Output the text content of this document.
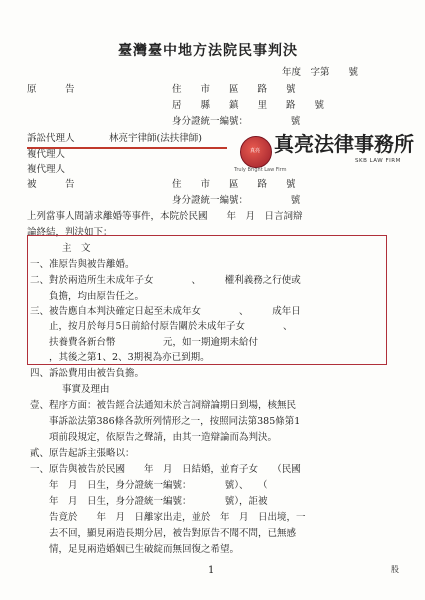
臺灣臺中地方法院民事判決
年度　字第　　號
原　　　告	住　　市　　區　　路　　號
居　　縣　　鎮　　里　　路　　號
身分證統一編號：　　　　　號
訴訟代理人	林亮宇律師(法扶律師)
複代理人
複代理人
被　　　告	住　　市　　區　　路　　號
身分證統一編號：　　　　　號
真亮
Truly Bright Law Firm
真亮法律事務所
SKB LAW FIRM
上列當事人間請求離婚等事件，本院於民國　　年　月　日言詞辯
論終結，判決如下：
主　文
一、准原告與被告離婚。
二、對於兩造所生未成年子女　　　　、　　　權利義務之行使或
　　負擔，均由原告任之。
三、被告應自本判決確定日起至未成年女　　　　、　　　成年日
　　止，按月於每月5日前給付原告關於未成年子女　　　　、
　　扶養費各新台幣　　　　　元，如一期逾期未給付
　　，其後之第1、2、3期視為亦已到期。
四、訴訟費用由被告負擔。
事實及理由
壹、程序方面：被告經合法通知未於言詞辯論期日到場，核無民
　　事訴訟法第386條各款所列情形之一，按照同法第385條第1
　　項前段規定，依原告之聲請，由其一造辯論而為判決。
貳、原告起訴主張略以：
一、原告與被告於民國　　年　月　日結婚，並育子女　　（民國
　　年　月　日生，身分證統一編號：　　　　號）、　　（
　　年　月　日生，身分證統一編號：　　　　號），詎被
　　告竟於　　年　月　日離家出走，並於　年　月　日出境，一
　　去不回，顯見兩造長期分居，被告對原告不聞不問，已無感
　　情，足見兩造婚姻已生破綻而無回復之希望。
1	股
